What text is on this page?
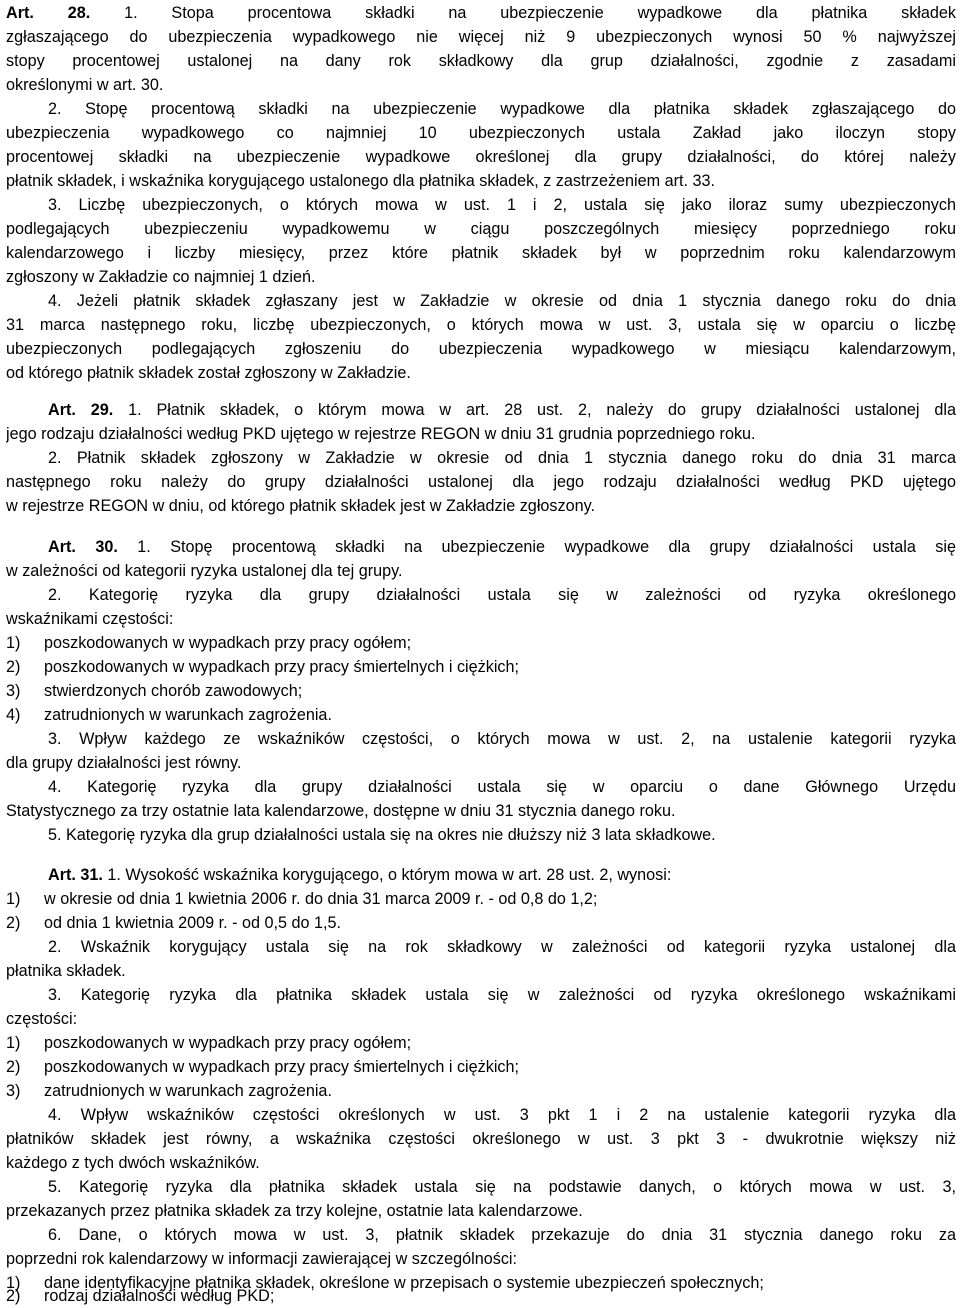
Art. 28. 1. Stopa procentowa składki na ubezpieczenie wypadkowe dla płatnika składek
zgłaszającego do ubezpieczenia wypadkowego nie więcej niż 9 ubezpieczonych wynosi 50 % najwyższej
stopy procentowej ustalonej na dany rok składkowy dla grup działalności, zgodnie z zasadami
określonymi w art. 30.
2. Stopę procentową składki na ubezpieczenie wypadkowe dla płatnika składek zgłaszającego do
ubezpieczenia wypadkowego co najmniej 10 ubezpieczonych ustala Zakład jako iloczyn stopy
procentowej składki na ubezpieczenie wypadkowe określonej dla grupy działalności, do której należy
płatnik składek, i wskaźnika korygującego ustalonego dla płatnika składek, z zastrzeżeniem art. 33.
3. Liczbę ubezpieczonych, o których mowa w ust. 1 i 2, ustala się jako iloraz sumy ubezpieczonych
podlegających ubezpieczeniu wypadkowemu w ciągu poszczególnych miesięcy poprzedniego roku
kalendarzowego i liczby miesięcy, przez które płatnik składek był w poprzednim roku kalendarzowym
zgłoszony w Zakładzie co najmniej 1 dzień.
4. Jeżeli płatnik składek zgłaszany jest w Zakładzie w okresie od dnia 1 stycznia danego roku do dnia
31 marca następnego roku, liczbę ubezpieczonych, o których mowa w ust. 3, ustala się w oparciu o liczbę
ubezpieczonych podlegających zgłoszeniu do ubezpieczenia wypadkowego w miesiącu kalendarzowym,
od którego płatnik składek został zgłoszony w Zakładzie.
Art. 29. 1. Płatnik składek, o którym mowa w art. 28 ust. 2, należy do grupy działalności ustalonej dla
jego rodzaju działalności według PKD ujętego w rejestrze REGON w dniu 31 grudnia poprzedniego roku.
2. Płatnik składek zgłoszony w Zakładzie w okresie od dnia 1 stycznia danego roku do dnia 31 marca
następnego roku należy do grupy działalności ustalonej dla jego rodzaju działalności według PKD ujętego
w rejestrze REGON w dniu, od którego płatnik składek jest w Zakładzie zgłoszony.
Art. 30. 1. Stopę procentową składki na ubezpieczenie wypadkowe dla grupy działalności ustala się
w zależności od kategorii ryzyka ustalonej dla tej grupy.
2. Kategorię ryzyka dla grupy działalności ustala się w zależności od ryzyka określonego
wskaźnikami częstości:
1) poszkodowanych w wypadkach przy pracy ogółem;
2) poszkodowanych w wypadkach przy pracy śmiertelnych i ciężkich;
3) stwierdzonych chorób zawodowych;
4) zatrudnionych w warunkach zagrożenia.
3. Wpływ każdego ze wskaźników częstości, o których mowa w ust. 2, na ustalenie kategorii ryzyka
dla grupy działalności jest równy.
4. Kategorię ryzyka dla grupy działalności ustala się w oparciu o dane Głównego Urzędu
Statystycznego za trzy ostatnie lata kalendarzowe, dostępne w dniu 31 stycznia danego roku.
5. Kategorię ryzyka dla grup działalności ustala się na okres nie dłuższy niż 3 lata składkowe.
Art. 31. 1. Wysokość wskaźnika korygującego, o którym mowa w art. 28 ust. 2, wynosi:
1) w okresie od dnia 1 kwietnia 2006 r. do dnia 31 marca 2009 r. - od 0,8 do 1,2;
2) od dnia 1 kwietnia 2009 r. - od 0,5 do 1,5.
2. Wskaźnik korygujący ustala się na rok składkowy w zależności od kategorii ryzyka ustalonej dla
płatnika składek.
3. Kategorię ryzyka dla płatnika składek ustala się w zależności od ryzyka określonego wskaźnikami
częstości:
1) poszkodowanych w wypadkach przy pracy ogółem;
2) poszkodowanych w wypadkach przy pracy śmiertelnych i ciężkich;
3) zatrudnionych w warunkach zagrożenia.
4. Wpływ wskaźników częstości określonych w ust. 3 pkt 1 i 2 na ustalenie kategorii ryzyka dla
płatników składek jest równy, a wskaźnika częstości określonego w ust. 3 pkt 3 - dwukrotnie większy niż
każdego z tych dwóch wskaźników.
5. Kategorię ryzyka dla płatnika składek ustala się na podstawie danych, o których mowa w ust. 3,
przekazanych przez płatnika składek za trzy kolejne, ostatnie lata kalendarzowe.
6. Dane, o których mowa w ust. 3, płatnik składek przekazuje do dnia 31 stycznia danego roku za
poprzedni rok kalendarzowy w informacji zawierającej w szczególności:
1) dane identyfikacyjne płatnika składek, określone w przepisach o systemie ubezpieczeń społecznych;
2) rodzaj działalności według PKD;
